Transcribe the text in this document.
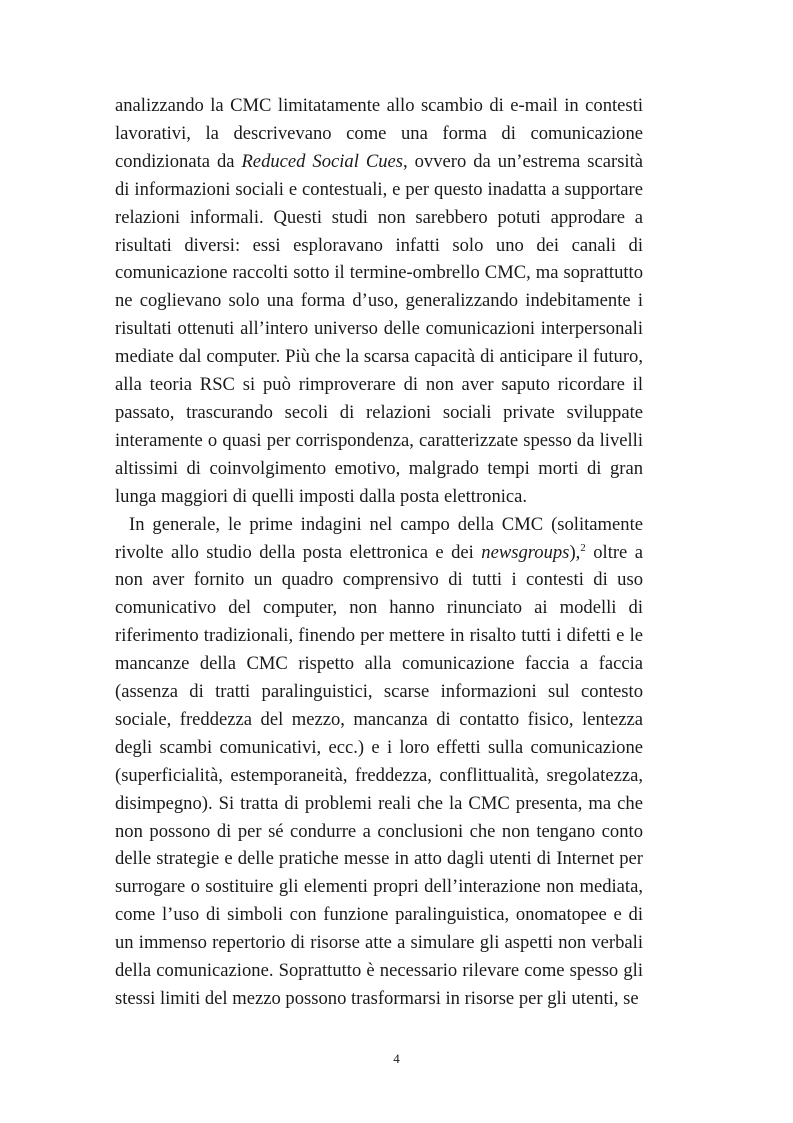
analizzando la CMC limitatamente allo scambio di e-mail in contesti lavorativi, la descrivevano come una forma di comunicazione condizionata da Reduced Social Cues, ovvero da un’estrema scarsità di informazioni sociali e contestuali, e per questo inadatta a supportare relazioni informali. Questi studi non sarebbero potuti approdare a risultati diversi: essi esploravano infatti solo uno dei canali di comunicazione raccolti sotto il termine-ombrello CMC, ma soprattutto ne coglievano solo una forma d’uso, generalizzando indebitamente i risultati ottenuti all’intero universo delle comunicazioni interpersonali mediate dal computer. Più che la scarsa capacità di anticipare il futuro, alla teoria RSC si può rimproverare di non aver saputo ricordare il passato, trascurando secoli di relazioni sociali private sviluppate interamente o quasi per corrispondenza, caratterizzate spesso da livelli altissimi di coinvolgimento emotivo, malgrado tempi morti di gran lunga maggiori di quelli imposti dalla posta elettronica.

In generale, le prime indagini nel campo della CMC (solitamente rivolte allo studio della posta elettronica e dei newsgroups),$^2$ oltre a non aver fornito un quadro comprensivo di tutti i contesti di uso comunicativo del computer, non hanno rinunciato ai modelli di riferimento tradizionali, finendo per mettere in risalto tutti i difetti e le mancanze della CMC rispetto alla comunicazione faccia a faccia (assenza di tratti paralinguistici, scarse informazioni sul contesto sociale, freddezza del mezzo, mancanza di contatto fisico, lentezza degli scambi comunicativi, ecc.) e i loro effetti sulla comunicazione (superficialità, estemporaneità, freddezza, conflittualità, sregolatezza, disimpegno). Si tratta di problemi reali che la CMC presenta, ma che non possono di per sé condurre a conclusioni che non tengano conto delle strategie e delle pratiche messe in atto dagli utenti di Internet per surrogare o sostituire gli elementi propri dell’interazione non mediata, come l’uso di simboli con funzione paralinguistica, onomatopee e di un immenso repertorio di risorse atte a simulare gli aspetti non verbali della comunicazione. Soprattutto è necessario rilevare come spesso gli stessi limiti del mezzo possono trasformarsi in risorse per gli utenti, se

4
